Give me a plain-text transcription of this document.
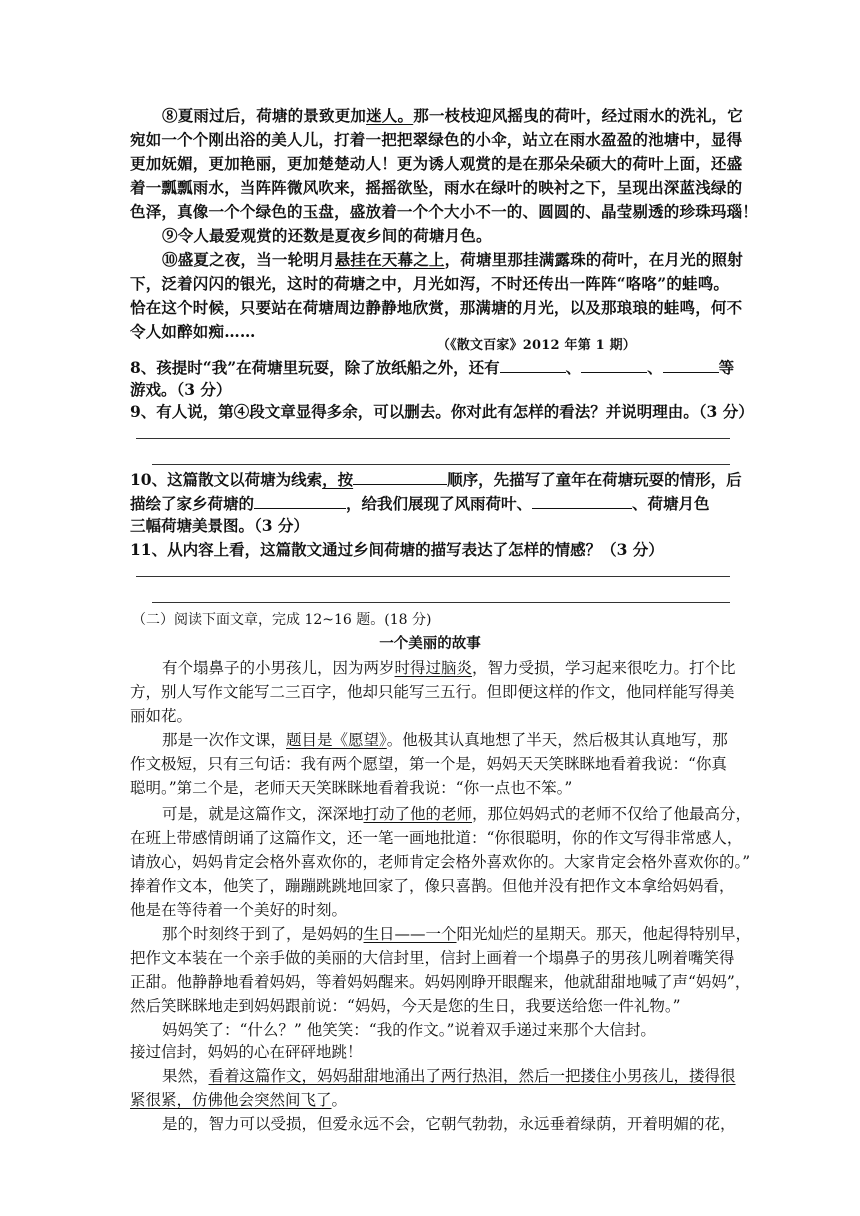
⑧夏雨过后，荷塘的景致更加迷人。那一枝枝迎风摇曳的荷叶，经过雨水的洗礼，它
宛如一个个刚出浴的美人儿，打着一把把翠绿色的小伞，站立在雨水盈盈的池塘中，显得
更加妩媚，更加艳丽，更加楚楚动人！更为诱人观赏的是在那朵朵硕大的荷叶上面，还盛
着一瓢瓢雨水，当阵阵微风吹来，摇摇欲坠，雨水在绿叶的映衬之下，呈现出深蓝浅绿的
色泽，真像一个个绿色的玉盘，盛放着一个个大小不一的、圆圆的、晶莹剔透的珍珠玛瑙！
⑨令人最爱观赏的还数是夏夜乡间的荷塘月色。
⑩盛夏之夜，当一轮明月悬挂在天幕之上，荷塘里那挂满露珠的荷叶，在月光的照射
下，泛着闪闪的银光，这时的荷塘之中，月光如泻，不时还传出一阵阵“咯咯”的蛙鸣。
恰在这个时候，只要站在荷塘周边静静地欣赏，那满塘的月光，以及那琅琅的蛙鸣，何不
令人如醉如痴……
（《散文百家》2012 年第 1 期）
8、孩提时“我”在荷塘里玩耍，除了放纸船之外，还有	、	、	等
游戏。（3 分）
9、有人说，第④段文章显得多余，可以删去。你对此有怎样的看法？并说明理由。（3 分）
10、这篇散文以荷塘为线索，按	顺序，先描写了童年在荷塘玩耍的情形，后
描绘了家乡荷塘的	，给我们展现了风雨荷叶、	、荷塘月色
三幅荷塘美景图。（3 分）
11、从内容上看，这篇散文通过乡间荷塘的描写表达了怎样的情感？（3 分）
（二）阅读下面文章，完成 12~16 题。(18 分)
一个美丽的故事
有个塌鼻子的小男孩儿，因为两岁时得过脑炎，智力受损，学习起来很吃力。打个比
方，别人写作文能写二三百字，他却只能写三五行。但即便这样的作文，他同样能写得美
丽如花。
那是一次作文课，题目是《愿望》。他极其认真地想了半天，然后极其认真地写，那
作文极短，只有三句话：我有两个愿望，第一个是，妈妈天天笑眯眯地看着我说：“你真
聪明。”第二个是，老师天天笑眯眯地看着我说：“你一点也不笨。”
可是，就是这篇作文，深深地打动了他的老师，那位妈妈式的老师不仅给了他最高分，
在班上带感情朗诵了这篇作文，还一笔一画地批道：“你很聪明，你的作文写得非常感人，
请放心，妈妈肯定会格外喜欢你的，老师肯定会格外喜欢你的。大家肯定会格外喜欢你的。”
捧着作文本，他笑了，蹦蹦跳跳地回家了，像只喜鹊。但他并没有把作文本拿给妈妈看，
他是在等待着一个美好的时刻。
那个时刻终于到了，是妈妈的生日——一个阳光灿烂的星期天。那天，他起得特别早，
把作文本装在一个亲手做的美丽的大信封里，信封上画着一个塌鼻子的男孩儿咧着嘴笑得
正甜。他静静地看着妈妈，等着妈妈醒来。妈妈刚睁开眼醒来，他就甜甜地喊了声“妈妈”，
然后笑眯眯地走到妈妈跟前说：“妈妈，今天是您的生日，我要送给您一件礼物。”
妈妈笑了：“什么？” 他笑笑：“我的作文。”说着双手递过来那个大信封。
接过信封，妈妈的心在砰砰地跳！
果然，看着这篇作文，妈妈甜甜地涌出了两行热泪，然后一把搂住小男孩儿，搂得很
紧很紧，仿佛他会突然间飞了。
是的，智力可以受损，但爱永远不会，它朝气勃勃，永远垂着绿荫，开着明媚的花，
